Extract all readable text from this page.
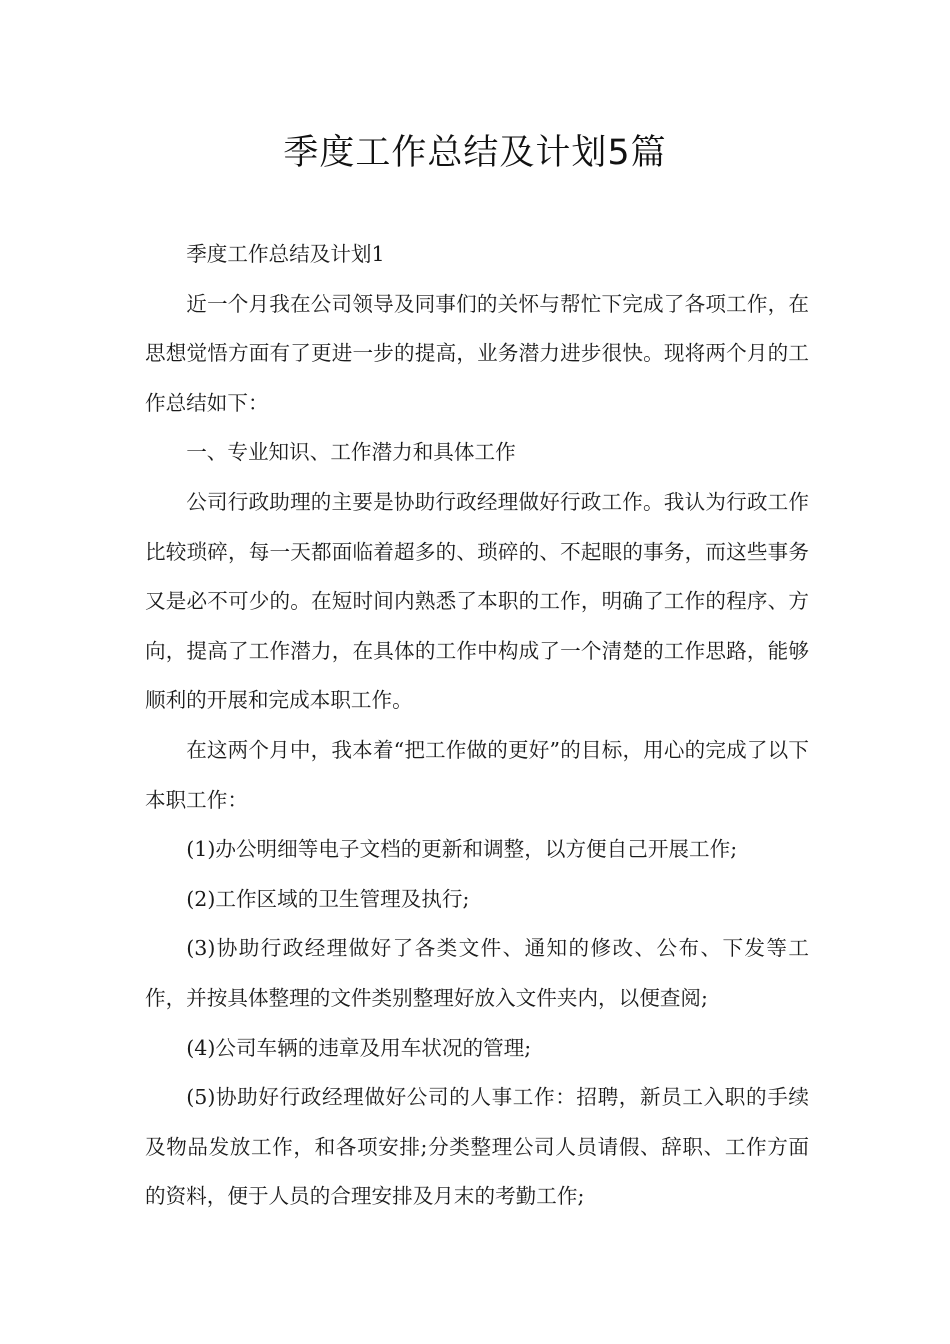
季度工作总结及计划5篇

季度工作总结及计划1

近一个月我在公司领导及同事们的关怀与帮忙下完成了各项工作，在思想觉悟方面有了更进一步的提高，业务潜力进步很快。现将两个月的工作总结如下：

一、专业知识、工作潜力和具体工作

公司行政助理的主要是协助行政经理做好行政工作。我认为行政工作比较琐碎，每一天都面临着超多的、琐碎的、不起眼的事务，而这些事务又是必不可少的。在短时间内熟悉了本职的工作，明确了工作的程序、方向，提高了工作潜力，在具体的工作中构成了一个清楚的工作思路，能够顺利的开展和完成本职工作。

在这两个月中，我本着“把工作做的更好”的目标，用心的完成了以下本职工作：

(1)办公明细等电子文档的更新和调整，以方便自己开展工作;

(2)工作区域的卫生管理及执行;

(3)协助行政经理做好了各类文件、通知的修改、公布、下发等工作，并按具体整理的文件类别整理好放入文件夹内，以便查阅;

(4)公司车辆的违章及用车状况的管理;

(5)协助好行政经理做好公司的人事工作：招聘，新员工入职的手续及物品发放工作，和各项安排;分类整理公司人员请假、辞职、工作方面的资料，便于人员的合理安排及月末的考勤工作;
